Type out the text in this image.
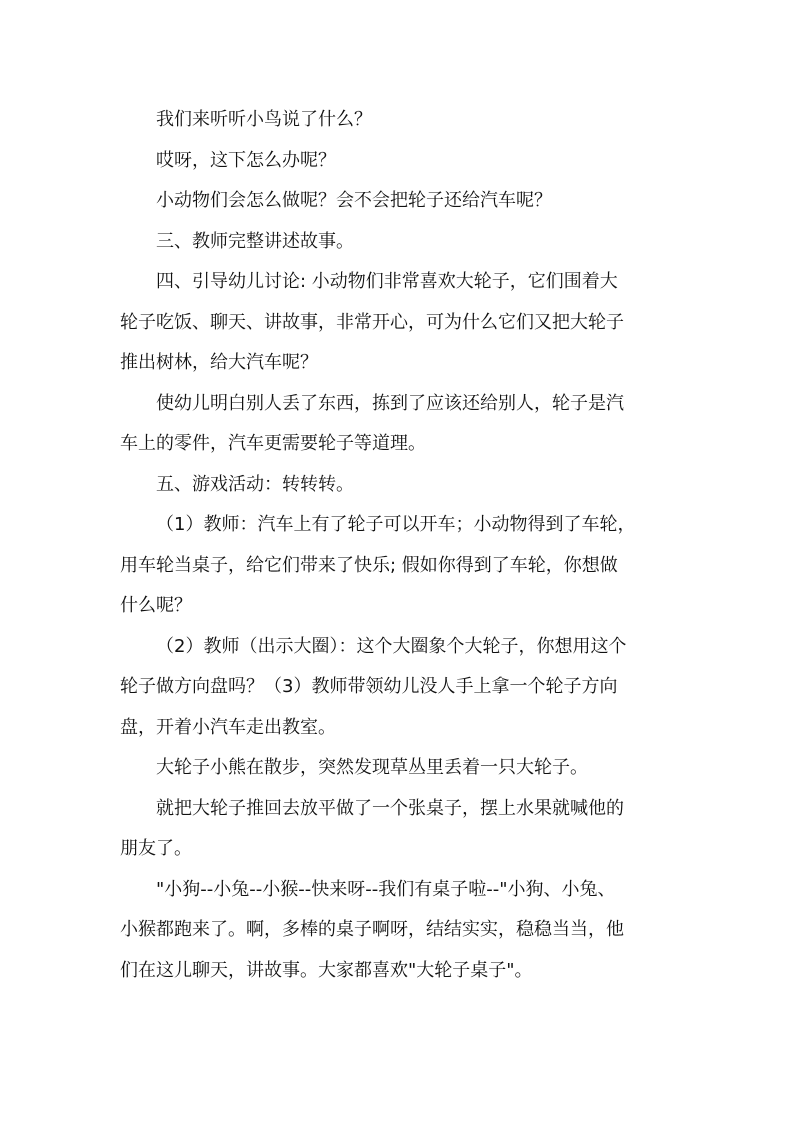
我们来听听小鸟说了什么？
哎呀，这下怎么办呢？
小动物们会怎么做呢？会不会把轮子还给汽车呢？
三、教师完整讲述故事。
四、引导幼儿讨论: 小动物们非常喜欢大轮子，它们围着大
轮子吃饭、聊天、讲故事，非常开心，可为什么它们又把大轮子
推出树林，给大汽车呢？
使幼儿明白别人丢了东西，拣到了应该还给别人，轮子是汽
车上的零件，汽车更需要轮子等道理。
五、游戏活动：转转转。
（1）教师：汽车上有了轮子可以开车；小动物得到了车轮，
用车轮当桌子，给它们带来了快乐; 假如你得到了车轮，你想做
什么呢？
（2）教师（出示大圈）：这个大圈象个大轮子，你想用这个
轮子做方向盘吗？（3）教师带领幼儿没人手上拿一个轮子方向
盘，开着小汽车走出教室。
大轮子小熊在散步，突然发现草丛里丢着一只大轮子。
就把大轮子推回去放平做了一个张桌子，摆上水果就喊他的
朋友了。
"小狗--小兔--小猴--快来呀--我们有桌子啦--"小狗、小兔、
小猴都跑来了。啊，多棒的桌子啊呀，结结实实，稳稳当当，他
们在这儿聊天，讲故事。大家都喜欢"大轮子桌子"。
